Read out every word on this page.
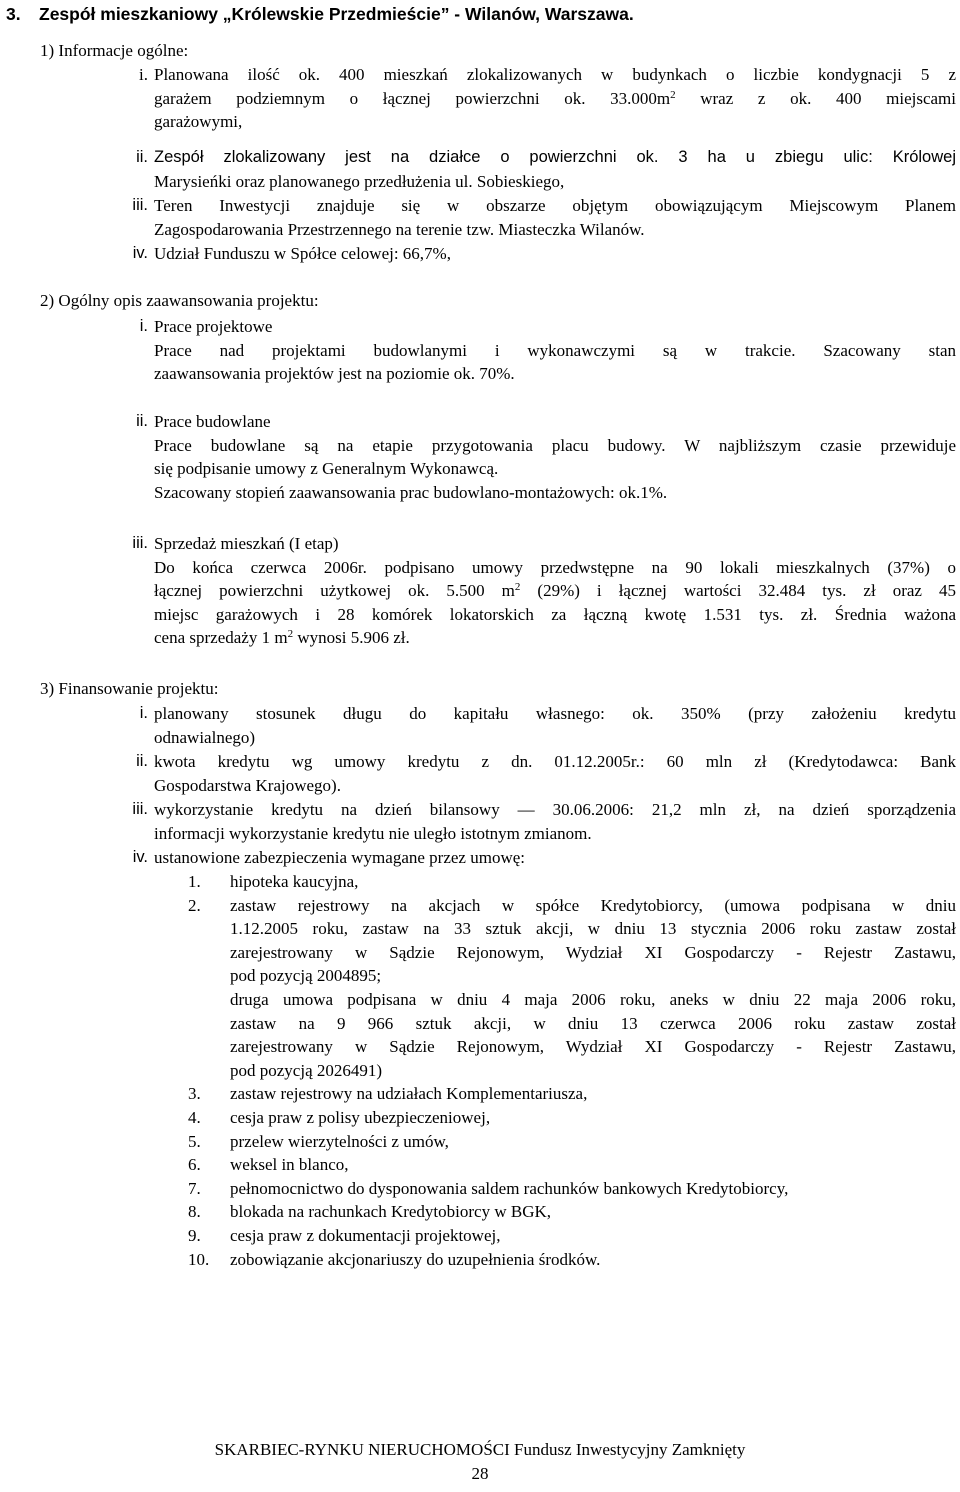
3. Zespół mieszkaniowy „Królewskie Przedmieście” - Wilanów, Warszawa.
1) Informacje ogólne:
i. Planowana ilość ok. 400 mieszkań zlokalizowanych w budynkach o liczbie kondygnacji 5 z
garażem podziemnym o łącznej powierzchni ok. $33.000m^2$ wraz z ok. 400 miejscami
garażowymi,
ii. Zespół zlokalizowany jest na działce o powierzchni ok. 3 ha u zbiegu ulic: Królowej
Marysieńki oraz planowanego przedłużenia ul. Sobieskiego,
iii. Teren Inwestycji znajduje się w obszarze objętym obowiązującym Miejscowym Planem
Zagospodarowania Przestrzennego na terenie tzw. Miasteczka Wilanów.
iv. Udział Funduszu w Spółce celowej: 66,7%,
2) Ogólny opis zaawansowania projektu:
i. Prace projektowe
Prace nad projektami budowlanymi i wykonawczymi są w trakcie. Szacowany stan
zaawansowania projektów jest na poziomie ok. 70%.
ii. Prace budowlane
Prace budowlane są na etapie przygotowania placu budowy. W najbliższym czasie przewiduje
się podpisanie umowy z Generalnym Wykonawcą.
Szacowany stopień zaawansowania prac budowlano-montażowych: ok.1%.
iii. Sprzedaż mieszkań (I etap)
Do końca czerwca 2006r. podpisano umowy przedwstępne na 90 lokali mieszkalnych (37%) o
łącznej powierzchni użytkowej ok. 5.500 $m^2$ (29%) i łącznej wartości 32.484 tys. zł oraz 45
miejsc garażowych i 28 komórek lokatorskich za łączną kwotę 1.531 tys. zł. Średnia ważona
cena sprzedaży 1 $m^2$ wynosi 5.906 zł.
3) Finansowanie projektu:
i. planowany stosunek długu do kapitału własnego: ok. 350% (przy założeniu kredytu
odnawialnego)
ii. kwota kredytu wg umowy kredytu z dn. 01.12.2005r.: 60 mln zł (Kredytodawca: Bank
Gospodarstwa Krajowego).
iii. wykorzystanie kredytu na dzień bilansowy — 30.06.2006: 21,2 mln zł, na dzień sporządzenia
informacji wykorzystanie kredytu nie uległo istotnym zmianom.
iv. ustanowione zabezpieczenia wymagane przez umowę:
1.	hipoteka kaucyjna,
2.	zastaw rejestrowy na akcjach w spółce Kredytobiorcy, (umowa podpisana w dniu
1.12.2005 roku, zastaw na 33 sztuk akcji, w dniu 13 stycznia 2006 roku zastaw został
zarejestrowany w Sądzie Rejonowym, Wydział XI Gospodarczy - Rejestr Zastawu,
pod pozycją 2004895;
druga umowa podpisana w dniu 4 maja 2006 roku, aneks w dniu 22 maja 2006 roku,
zastaw na 9 966 sztuk akcji, w dniu 13 czerwca 2006 roku zastaw został
zarejestrowany w Sądzie Rejonowym, Wydział XI Gospodarczy - Rejestr Zastawu,
pod pozycją 2026491)
3.	zastaw rejestrowy na udziałach Komplementariusza,
4.	cesja praw z polisy ubezpieczeniowej,
5.	przelew wierzytelności z umów,
6.	weksel in blanco,
7.	pełnomocnictwo do dysponowania saldem rachunków bankowych Kredytobiorcy,
8.	blokada na rachunkach Kredytobiorcy w BGK,
9.	cesja praw z dokumentacji projektowej,
10.	zobowiązanie akcjonariuszy do uzupełnienia środków.
SKARBIEC-RYNKU NIERUCHOMOŚCI Fundusz Inwestycyjny Zamknięty
28
